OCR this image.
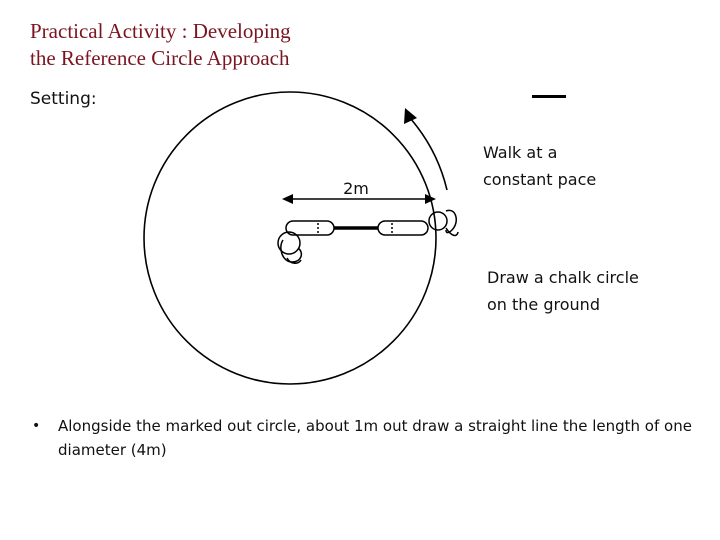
Practical Activity : Developing
the Reference Circle Approach
Setting:
2m
Walk at a
constant pace
Draw a chalk circle
on the ground
•	Alongside the marked out circle, about 1m out draw a straight line the length of one diameter (4m)
